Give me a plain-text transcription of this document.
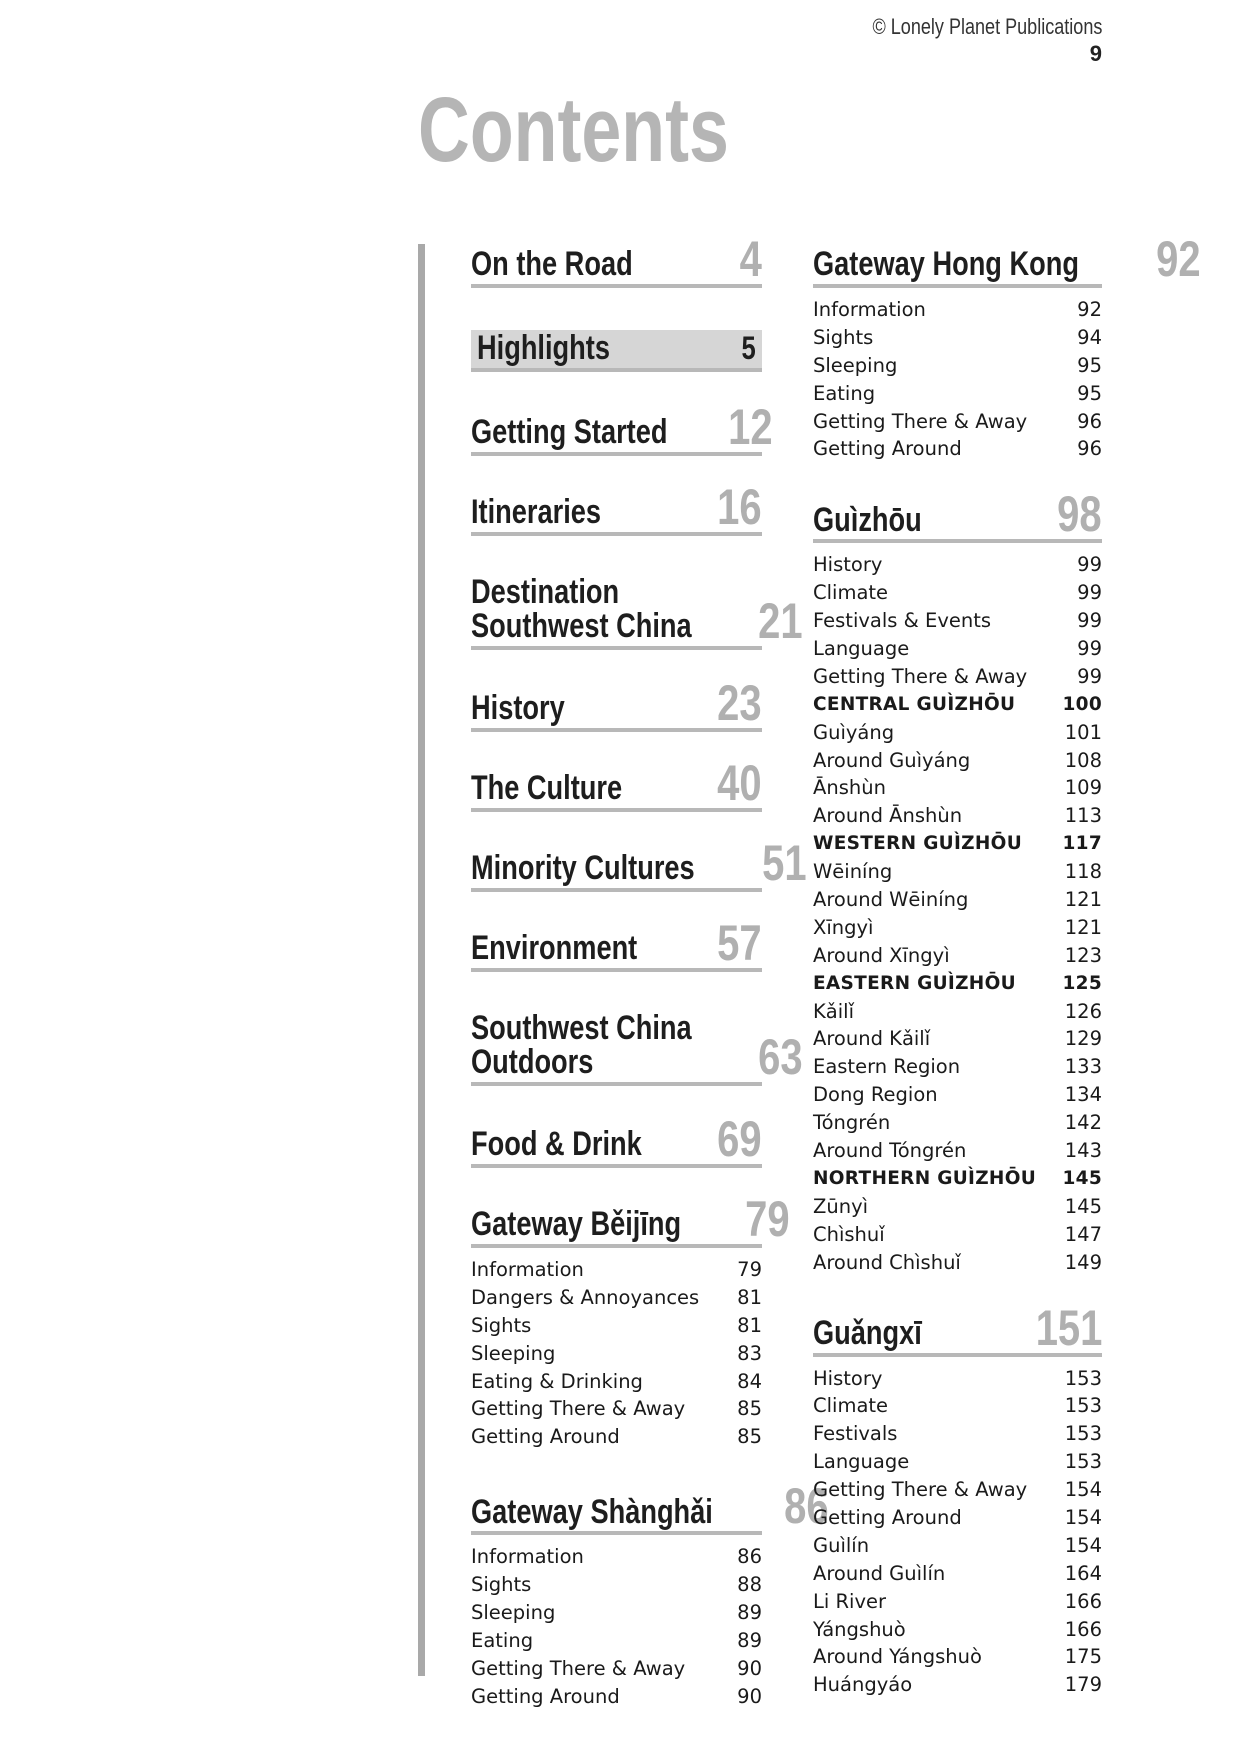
© Lonely Planet Publications
9
Contents
On the Road 4
Highlights	5
Getting Started 12
Itineraries 16
Destination
Southwest China 21
History	23
The Culture 40
Minority Cultures 51
Environment 57
Southwest China
Outdoors	63
Food & Drink 69
Gateway Běijīng 79
Information	79
Dangers & Annoyances 81
Sights	81
Sleeping	83
Eating & Drinking	84
Getting There & Away	85
Getting Around	85
Gateway Shànghǎi 86
Information	86
Sights	88
Sleeping	89
Eating	89
Getting There & Away	90
Getting Around	90
Gateway Hong Kong 92
Information	92
Sights	94
Sleeping	95
Eating	95
Getting There & Away	96
Getting Around	96
Guìzhōu	98
History	99
Climate	99
Festivals & Events	99
Language	99
Getting There & Away	99
CENTRAL GUÌZHŌU	100
Guìyáng	101
Around Guìyáng	108
Ānshùn	109
Around Ānshùn	113
WESTERN GUÌZHŌU 117
Wēiníng	118
Around Wēiníng	121
Xīngyì	121
Around Xīngyì	123
EASTERN GUÌZHŌU	125
Kǎilǐ	126
Around Kǎilǐ	129
Eastern Region	133
Dong Region	134
Tóngrén	142
Around Tóngrén	143
NORTHERN GUÌZHŌU 145
Zūnyì	145
Chìshuǐ	147
Around Chìshuǐ	149
Guǎngxī 151
History	153
Climate	153
Festivals	153
Language	153
Getting There & Away 154
Getting Around	154
Guìlín	154
Around Guìlín	164
Li River	166
Yángshuò	166
Around Yángshuò	175
Huángyáo	179
